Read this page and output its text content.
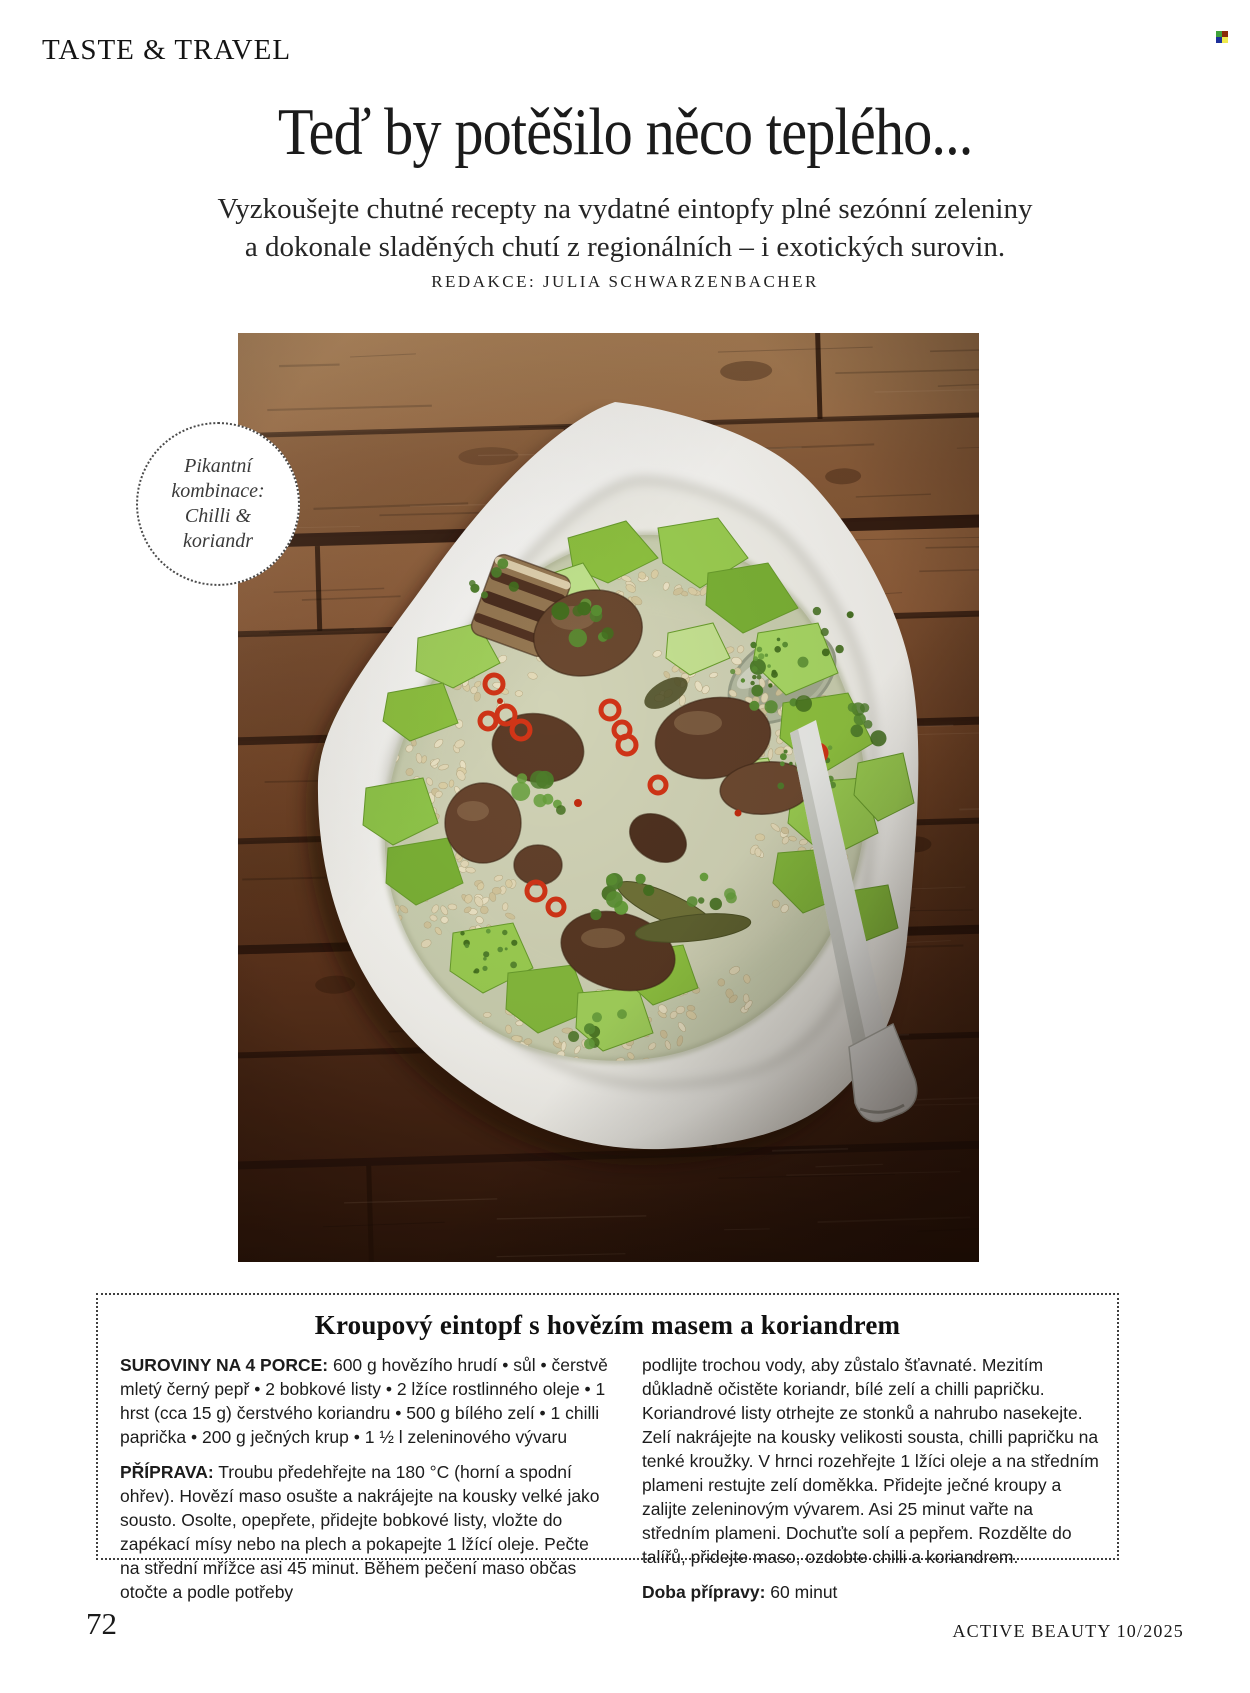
TASTE & TRAVEL
Teď by potěšilo něco teplého...
Vyzkoušejte chutné recepty na vydatné eintopfy plné sezónní zeleniny
a dokonale sladěných chutí z regionálních – i exotických surovin.
REDAKCE: JULIA SCHWARZENBACHER
Pikantní
kombinace:
Chilli &
koriandr
Kroupový eintopf s hovězím masem a koriandrem

SUROVINY NA 4 PORCE: 600 g hovězího hrudí • sůl • čerstvě mletý černý pepř • 2 bobkové listy • 2 lžíce rostlinného oleje • 1 hrst (cca 15 g) čerstvého koriandru • 500 g bílého zelí • 1 chilli paprička • 200 g ječných krup • 1 ½ l zeleninového vývaru

PŘÍPRAVA: Troubu předehřejte na 180 °C (horní a spodní ohřev). Hovězí maso osušte a nakrájejte na kousky velké jako sousto. Osolte, opepřete, přidejte bobkové listy, vložte do zapékací mísy nebo na plech a pokapejte 1 lžící oleje. Pečte na střední mřížce asi 45 minut. Během pečení maso občas otočte a podle potřeby

podlijte trochou vody, aby zůstalo šťavnaté. Mezitím důkladně očistěte koriandr, bílé zelí a chilli papričku. Koriandrové listy otrhejte ze stonků a nahrubo nasekejte. Zelí nakrájejte na kousky velikosti sousta, chilli papričku na tenké kroužky. V hrnci rozehřejte 1 lžíci oleje a na středním plameni restujte zelí doměkka. Přidejte ječné kroupy a zalijte zeleninovým vývarem. Asi 25 minut vařte na středním plameni. Dochuťte solí a pepřem. Rozdělte do talířů, přidejte maso, ozdobte chilli a koriandrem.

Doba přípravy: 60 minut

72	ACTIVE BEAUTY 10/2025
